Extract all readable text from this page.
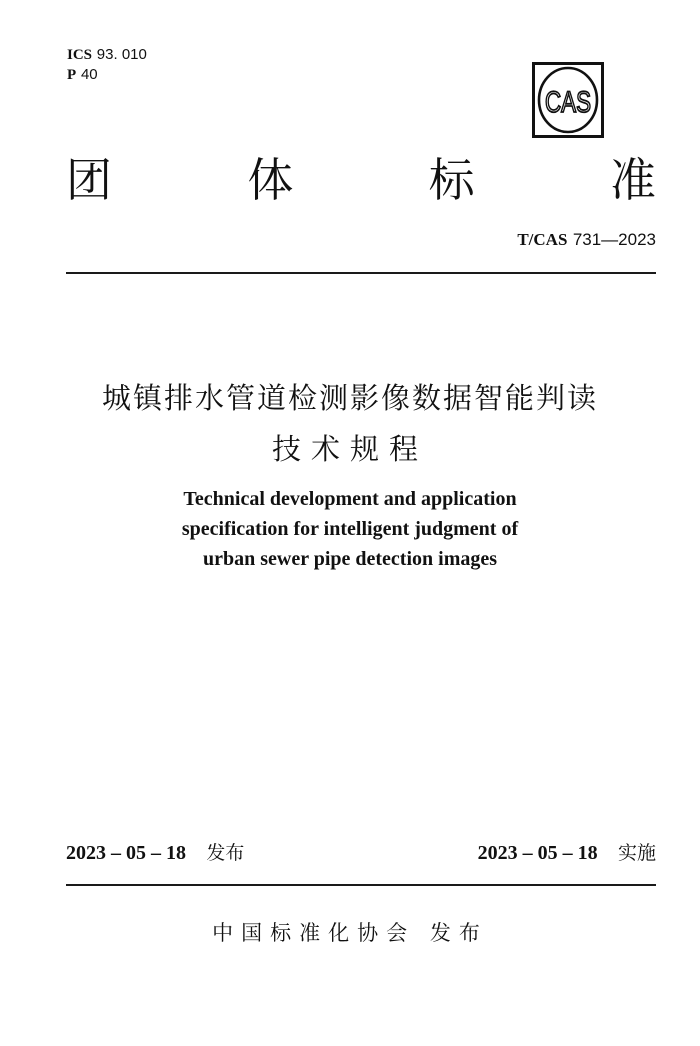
ICS 93. 010
P 40
CAS
团	体	标	准
T/CAS 731—2023
城镇排水管道检测影像数据智能判读
技术规程
Technical development and application
specification for intelligent judgment of
urban sewer pipe detection images
2023 – 05 – 18 发布	2023 – 05 – 18 实施
中国标准化协会 发布
